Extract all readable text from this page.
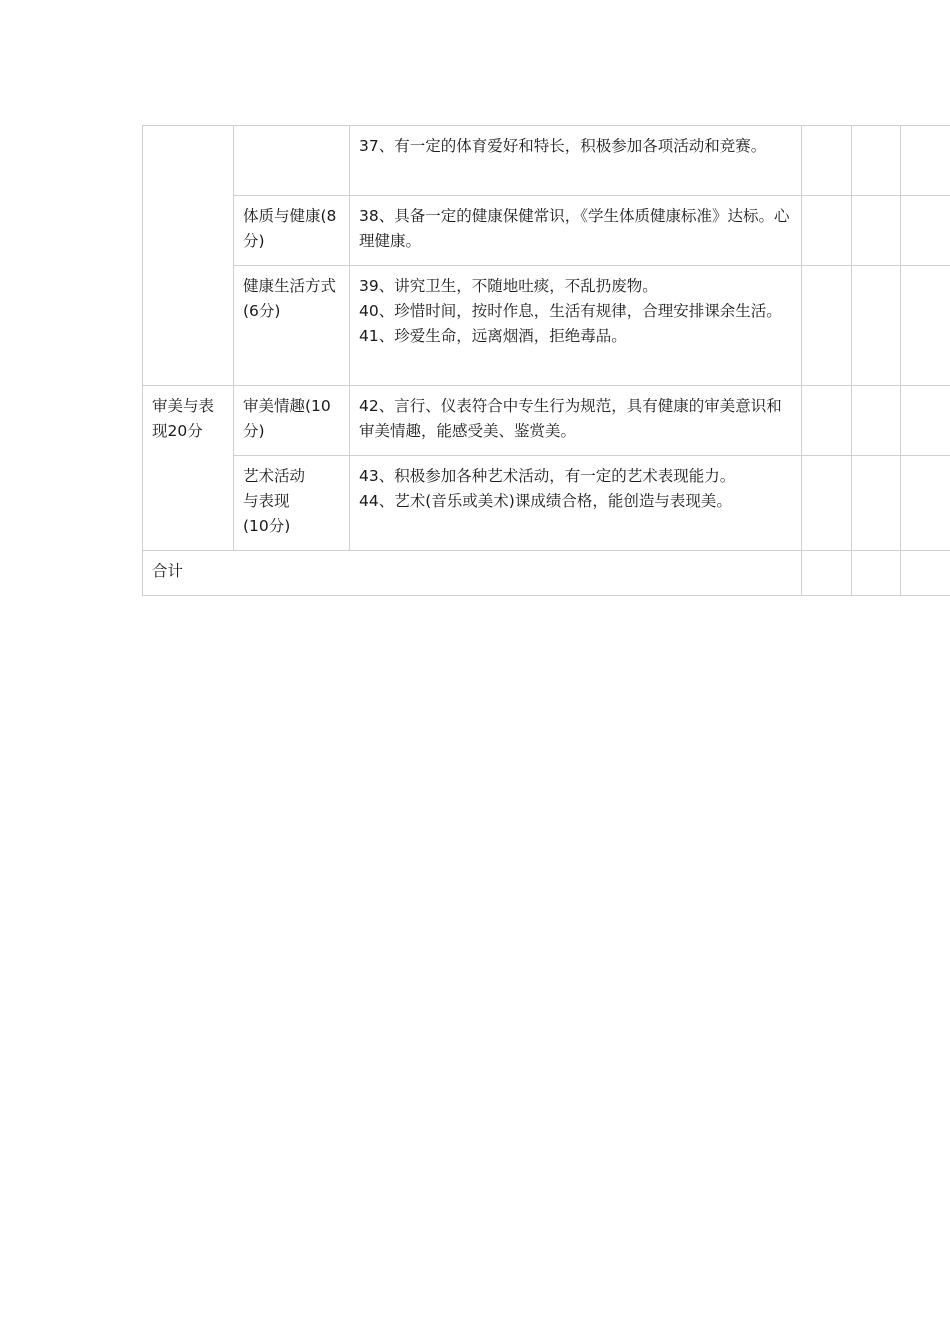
		37、有一定的体育爱好和特长，积极参加各项活动和竞赛。			

	体质与健康(8分)	38、具备一定的健康保健常识，《学生体质健康标准》达标。心理健康。			

	健康生活方式(6分)	39、讲究卫生，不随地吐痰，不乱扔废物。
40、珍惜时间，按时作息，生活有规律，合理安排课余生活。
41、珍爱生命，远离烟酒，拒绝毒品。			

审美与表现20分	审美情趣(10分)	42、言行、仪表符合中专生行为规范，具有健康的审美意识和审美情趣，能感受美、鉴赏美。			

	艺术活动
与表现
(10分)	43、积极参加各种艺术活动，有一定的艺术表现能力。
44、艺术(音乐或美术)课成绩合格，能创造与表现美。			

合计					
